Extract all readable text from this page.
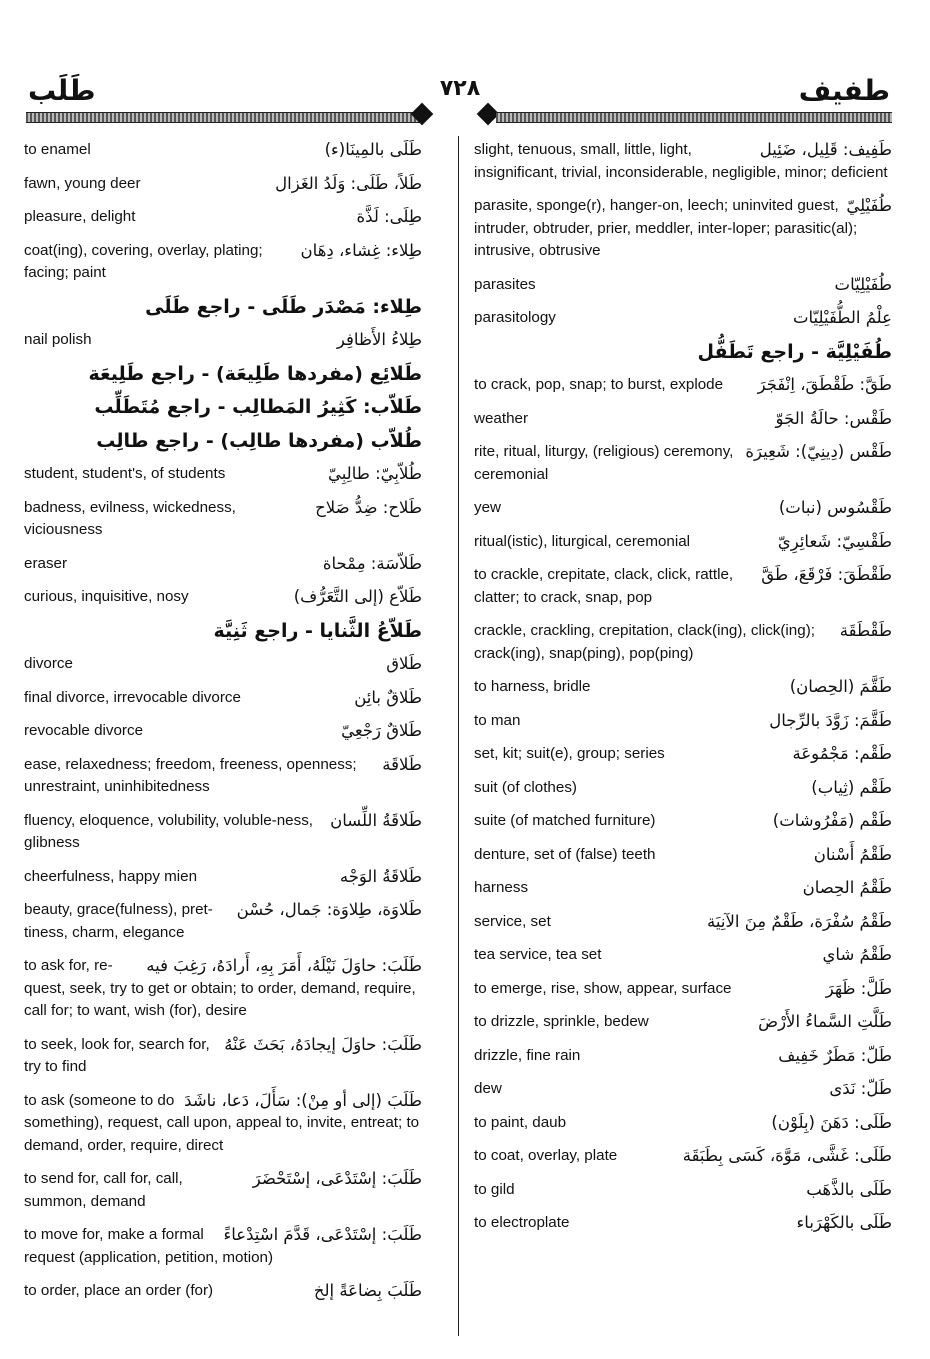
طَلَب	٧٢٨	طفيف
طَلَى بالمِينَا(ء)
to enamel
طَلاً، طَلَى: وَلَدُ الغَزال
fawn, young deer
طِلَى: لَذَّة
pleasure, delight
طِلاء: غِشاء، دِهَان
coat(ing), covering, overlay, plating; facing; paint
طِلاء: مَصْدَر طَلَى - راجع طَلَى
طِلاءُ الأَظافِر
nail polish
طَلائِع (مفردها طَلِيعَة) - راجع طَلِيعَة
طَلاّب: كَثِيرُ المَطالِب - راجع مُتَطَلِّب
طُلاّب (مفردها طالِب) - راجع طالِب
طُلاّبِيّ: طالِبِيّ
student, student's, of students
طَلاح: ضِدُّ صَلاح
badness, evilness, wickedness, viciousness
طَلاّسَة: مِمْحاة
eraser
طَلاّع (إلى التَّعَرُّف)
curious, inquisitive, nosy
طَلاّعُ الثَّنايا - راجع ثَنِيَّة
طَلاق
divorce
طَلاقٌ بائِن
final divorce, irrevocable divorce
طَلاقٌ رَجْعِيّ
revocable divorce
طَلاقَة
ease, relaxedness; freedom, freeness, openness; unrestraint, uninhibitedness
طَلاقَةُ اللِّسان
fluency, eloquence, volubility, voluble-ness, glibness
طَلاقَةُ الوَجْه
cheerfulness, happy mien
طَلاوَة، طِلاوَة: جَمال، حُسْن
beauty, grace(fulness), pret-tiness, charm, elegance
طَلَبَ: حاوَلَ نَيْلَهُ، أَمَرَ بِهِ، أَرادَهُ، رَغِبَ فيه
to ask for, re-quest, seek, try to get or obtain; to order, demand, require, call for; to want, wish (for), desire
طَلَبَ: حاوَلَ إيجادَهُ، بَحَثَ عَنْهُ
to seek, look for, search for, try to find
طَلَبَ (إلى أو مِنْ): سَأَلَ، دَعا، ناشَدَ
to ask (someone to do something), request, call upon, appeal to, invite, entreat; to demand, order, require, direct
طَلَبَ: إسْتَدْعَى، إسْتَحْضَرَ
to send for, call for, call, summon, demand
طَلَبَ: إسْتَدْعَى، قَدَّمَ اسْتِدْعاءً
to move for, make a formal request (application, petition, motion)
طَلَبَ بِضاعَةً إلخ
to order, place an order (for)
طَفِيف: قَلِيل، ضَئِيل
slight, tenuous, small, little, light, insignificant, trivial, inconsiderable, negligible, minor; deficient
طُفَيْلِيّ
parasite, sponge(r), hanger-on, leech; uninvited guest, intruder, obtruder, prier, meddler, inter-loper; parasitic(al); intrusive, obtrusive
طُفَيْلِيّات
parasites
عِلْمُ الطُّفَيْلِيّات
parasitology
طُفَيْلِيَّة - راجع تَطَفُّل
طَقَّ: طَقْطَقَ، اِنْفَجَرَ
to crack, pop, snap; to burst, explode
طَقْس: حالَةُ الجَوّ
weather
طَقْس (دِينِيّ): شَعِيرَة
rite, ritual, liturgy, (religious) ceremony, ceremonial
طَقْسُوس (نبات)
yew
طَقْسِيّ: شَعائِرِيّ
ritual(istic), liturgical, ceremonial
طَقْطَقَ: فَرْقَعَ، طَقَّ
to crackle, crepitate, clack, click, rattle, clatter; to crack, snap, pop
طَقْطَقَة
crackle, crackling, crepitation, clack(ing), click(ing); crack(ing), snap(ping), pop(ping)
طَقَّمَ (الحِصان)
to harness, bridle
طَقَّمَ: زَوَّدَ بالرِّجال
to man
طَقْم: مَجْمُوعَة
set, kit; suit(e), group; series
طَقْم (ثِياب)
suit (of clothes)
طَقْم (مَفْرُوشات)
suite (of matched furniture)
طَقْمُ أَسْنان
denture, set of (false) teeth
طَقْمُ الحِصان
harness
طَقْمُ سُفْرَة، طَقْمٌ مِنَ الآنِيَة
service, set
طَقْمُ شاي
tea service, tea set
طَلَّ: ظَهَرَ
to emerge, rise, show, appear, surface
طَلَّتِ السَّماءُ الأَرْضَ
to drizzle, sprinkle, bedew
طَلّ: مَطَرٌ خَفِيف
drizzle, fine rain
طَلّ: نَدَى
dew
طَلَى: دَهَنَ (بِلَوْن)
to paint, daub
طَلَى: غَشَّى، مَوَّهَ، كَسَى بِطَبَقَة
to coat, overlay, plate
طَلَى بالذَّهَب
to gild
طَلَى بالكَهْرَباء
to electroplate
